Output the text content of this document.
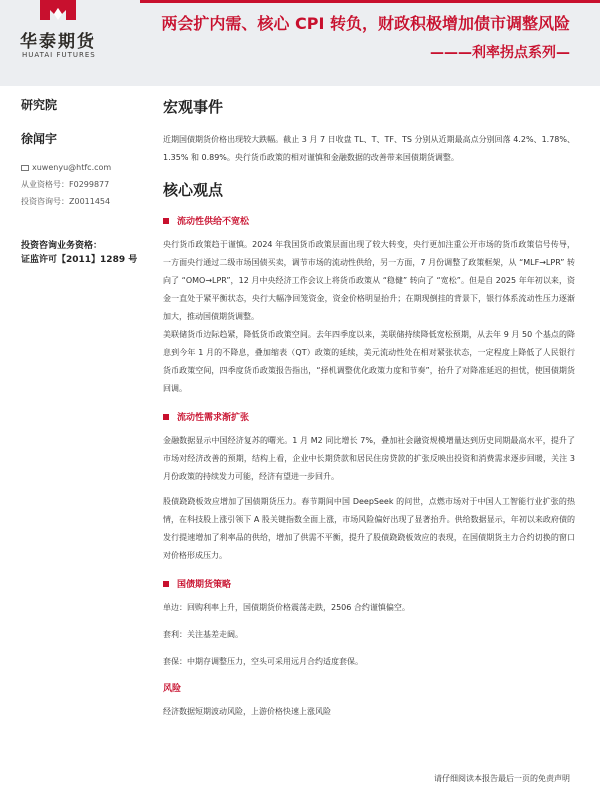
华泰期货
HUATAI FUTURES
两会扩内需、核心 CPI 转负，财政积极增加债市调整风险
———利率拐点系列—
研究院
徐闻宇
xuwenyu@htfc.com
从业资格号：F0299877
投资咨询号：Z0011454
投资咨询业务资格：
证监许可【2011】1289 号
宏观事件
近期国债期货价格出现较大跌幅。截止 3 月 7 日收盘 TL、T、TF、TS 分别从近期最高点分别回落 4.2%、1.78%、1.35% 和 0.89%。央行货币政策的相对谨慎和金融数据的改善带来国债期货调整。
核心观点
流动性供给不宽松
央行货币政策趋于谨慎。2024 年我国货币政策层面出现了较大转变，央行更加注重公开市场的货币政策信号传导，一方面央行通过二级市场国债买卖，调节市场的流动性供给，另一方面，7 月份调整了政策框架，从 “MLF→LPR” 转向了 “OMO→LPR”，12 月中央经济工作会议上将货币政策从 “稳健” 转向了 “宽松”。但是自 2025 年年初以来，资金一直处于紧平衡状态，央行大幅净回笼资金，资金价格明显抬升；在期现倒挂的背景下，银行体系流动性压力逐渐加大，推动国债期货调整。
美联储货币边际趋紧，降低货币政策空间。去年四季度以来，美联储持续降低宽松预期，从去年 9 月 50 个基点的降息到今年 1 月的不降息，叠加缩表（QT）政策的延续，美元流动性处在相对紧张状态，一定程度上降低了人民银行货币政策空间，四季度货币政策报告指出，“择机调整优化政策力度和节奏”，抬升了对降准延迟的担忧，使国债期货回调。
流动性需求渐扩张
金融数据显示中国经济复苏的曙光。1 月 M2 同比增长 7%，叠加社会融资规模增量达到历史同期最高水平，提升了市场对经济改善的预期，结构上看，企业中长期贷款和居民住房贷款的扩张反映出投资和消费需求逐步回暖，关注 3 月份政策的持续发力可能，经济有望进一步回升。
股债跷跷板效应增加了国债期货压力。春节期间中国 DeepSeek 的问世，点燃市场对于中国人工智能行业扩张的热情，在科技股上涨引领下 A 股关键指数全面上涨，市场风险偏好出现了显著抬升。供给数据显示，年初以来政府债的发行提速增加了利率品的供给，增加了供需不平衡，提升了股债跷跷板效应的表现，在国债期货主力合约切换的窗口对价格形成压力。
国债期货策略
单边：回购利率上升，国债期货价格震荡走跌，2506 合约谨慎偏空。
套利：关注基差走阔。
套保：中期存调整压力，空头可采用远月合约适度套保。
风险
经济数据短期波动风险，上游价格快速上涨风险
请仔细阅读本报告最后一页的免责声明
